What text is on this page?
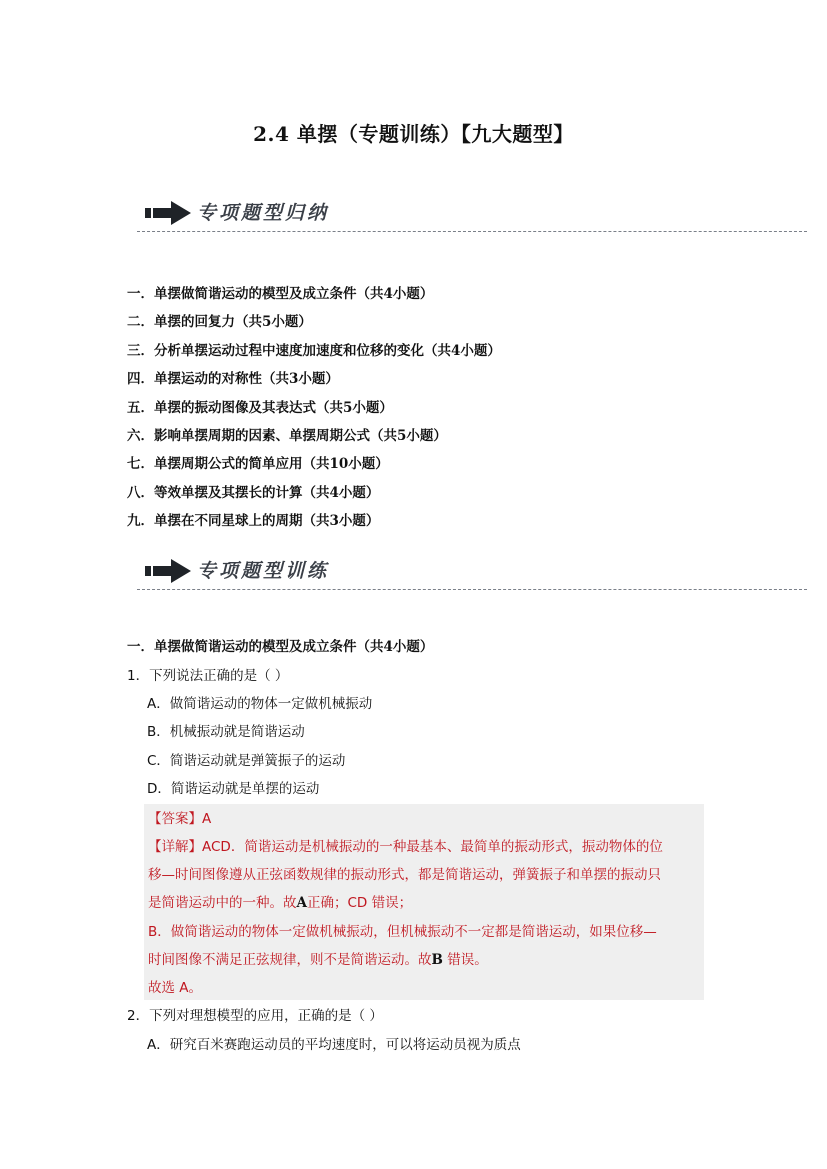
2.4 单摆（专题训练）【九大题型】
专项题型归纳
一．单摆做简谐运动的模型及成立条件（共4小题）
二．单摆的回复力（共5小题）
三．分析单摆运动过程中速度加速度和位移的变化（共4小题）
四．单摆运动的对称性（共3小题）
五．单摆的振动图像及其表达式（共5小题）
六．影响单摆周期的因素、单摆周期公式（共5小题）
七．单摆周期公式的简单应用（共10小题）
八．等效单摆及其摆长的计算（共4小题）
九．单摆在不同星球上的周期（共3小题）
专项题型训练
一．单摆做简谐运动的模型及成立条件（共4小题）
1．下列说法正确的是（ ）
A．做简谐运动的物体一定做机械振动
B．机械振动就是简谐运动
C．简谐运动就是弹簧振子的运动
D．简谐运动就是单摆的运动
【答案】A
【详解】ACD．简谐运动是机械振动的一种最基本、最简单的振动形式，振动物体的位
移—时间图像遵从正弦函数规律的振动形式，都是简谐运动，弹簧振子和单摆的振动只
是简谐运动中的一种。故A正确；CD 错误；
B．做简谐运动的物体一定做机械振动，但机械振动不一定都是简谐运动，如果位移—
时间图像不满足正弦规律，则不是简谐运动。故B 错误。
故选 A。
2．下列对理想模型的应用，正确的是（ ）
A．研究百米赛跑运动员的平均速度时，可以将运动员视为质点
